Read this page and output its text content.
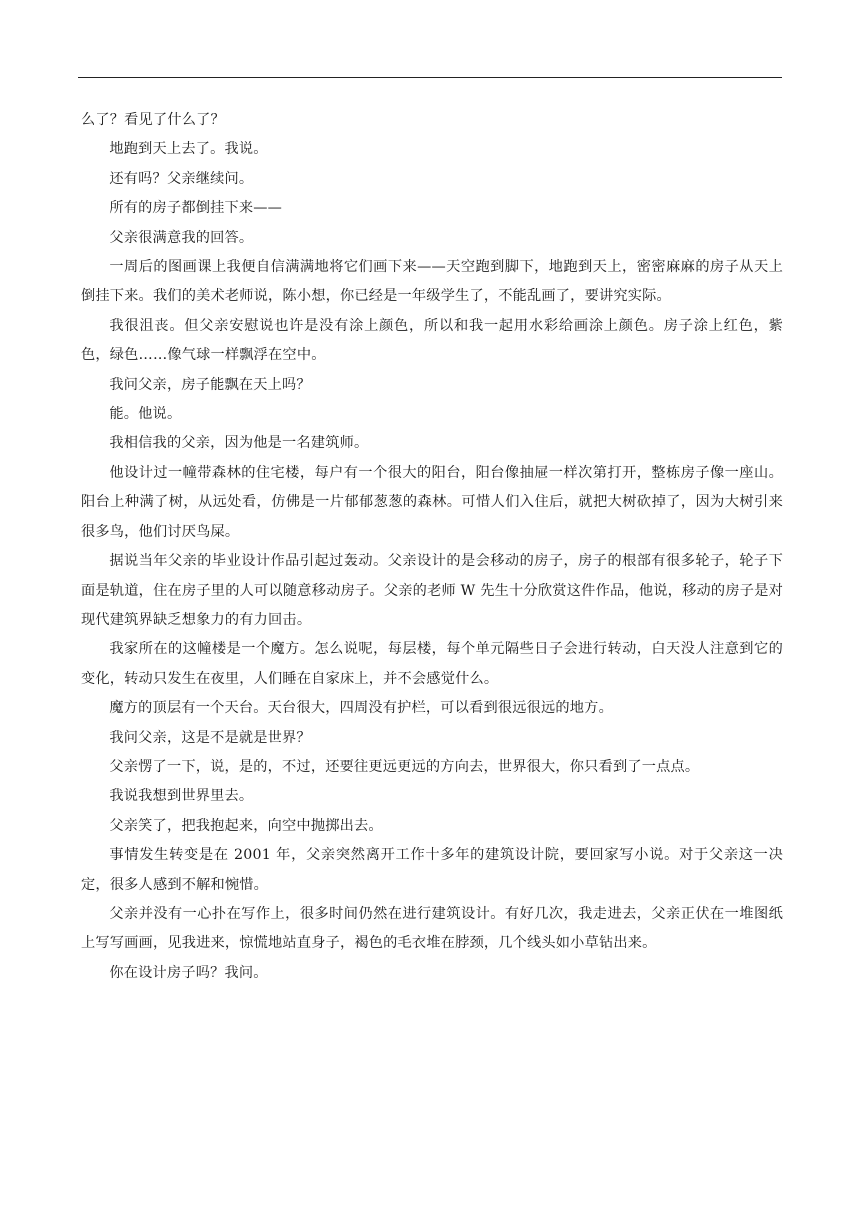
么了？看见了什么了？

地跑到天上去了。我说。

还有吗？父亲继续问。

所有的房子都倒挂下来——

父亲很满意我的回答。

一周后的图画课上我便自信满满地将它们画下来——天空跑到脚下，地跑到天上，密密麻麻的房子从天上倒挂下来。我们的美术老师说，陈小想，你已经是一年级学生了，不能乱画了，要讲究实际。

我很沮丧。但父亲安慰说也许是没有涂上颜色，所以和我一起用水彩给画涂上颜色。房子涂上红色，紫色，绿色……像气球一样飘浮在空中。

我问父亲，房子能飘在天上吗？

能。他说。

我相信我的父亲，因为他是一名建筑师。

他设计过一幢带森林的住宅楼，每户有一个很大的阳台，阳台像抽屉一样次第打开，整栋房子像一座山。阳台上种满了树，从远处看，仿佛是一片郁郁葱葱的森林。可惜人们入住后，就把大树砍掉了，因为大树引来很多鸟，他们讨厌鸟屎。

据说当年父亲的毕业设计作品引起过轰动。父亲设计的是会移动的房子，房子的根部有很多轮子，轮子下面是轨道，住在房子里的人可以随意移动房子。父亲的老师 W 先生十分欣赏这件作品，他说，移动的房子是对现代建筑界缺乏想象力的有力回击。

我家所在的这幢楼是一个魔方。怎么说呢，每层楼，每个单元隔些日子会进行转动，白天没人注意到它的变化，转动只发生在夜里，人们睡在自家床上，并不会感觉什么。

魔方的顶层有一个天台。天台很大，四周没有护栏，可以看到很远很远的地方。

我问父亲，这是不是就是世界？

父亲愣了一下，说，是的，不过，还要往更远更远的方向去，世界很大，你只看到了一点点。

我说我想到世界里去。

父亲笑了，把我抱起来，向空中抛掷出去。

事情发生转变是在 2001 年，父亲突然离开工作十多年的建筑设计院，要回家写小说。对于父亲这一决定，很多人感到不解和惋惜。

父亲并没有一心扑在写作上，很多时间仍然在进行建筑设计。有好几次，我走进去，父亲正伏在一堆图纸上写写画画，见我进来，惊慌地站直身子，褐色的毛衣堆在脖颈，几个线头如小草钻出来。

你在设计房子吗？我问。
